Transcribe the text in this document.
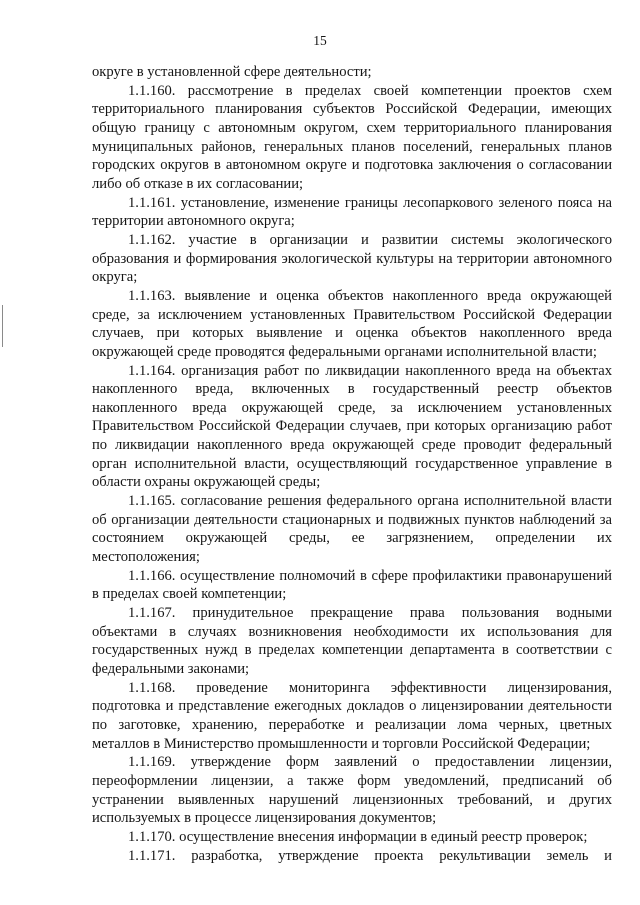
15

округе в установленной сфере деятельности;

1.1.160. рассмотрение в пределах своей компетенции проектов схем территориального планирования субъектов Российской Федерации, имеющих общую границу с автономным округом, схем территориального планирования муниципальных районов, генеральных планов поселений, генеральных планов городских округов в автономном округе и подготовка заключения о согласовании либо об отказе в их согласовании;

1.1.161. установление, изменение границы лесопаркового зеленого пояса на территории автономного округа;

1.1.162. участие в организации и развитии системы экологического образования и формирования экологической культуры на территории автономного округа;

1.1.163. выявление и оценка объектов накопленного вреда окружающей среде, за исключением установленных Правительством Российской Федерации случаев, при которых выявление и оценка объектов накопленного вреда окружающей среде проводятся федеральными органами исполнительной власти;

1.1.164. организация работ по ликвидации накопленного вреда на объектах накопленного вреда, включенных в государственный реестр объектов накопленного вреда окружающей среде, за исключением установленных Правительством Российской Федерации случаев, при которых организацию работ по ликвидации накопленного вреда окружающей среде проводит федеральный орган исполнительной власти, осуществляющий государственное управление в области охраны окружающей среды;

1.1.165. согласование решения федерального органа исполнительной власти об организации деятельности стационарных и подвижных пунктов наблюдений за состоянием окружающей среды, ее загрязнением, определении их местоположения;

1.1.166. осуществление полномочий в сфере профилактики правонарушений в пределах своей компетенции;

1.1.167. принудительное прекращение права пользования водными объектами в случаях возникновения необходимости их использования для государственных нужд в пределах компетенции департамента в соответствии с федеральными законами;

1.1.168. проведение мониторинга эффективности лицензирования, подготовка и представление ежегодных докладов о лицензировании деятельности по заготовке, хранению, переработке и реализации лома черных, цветных металлов в Министерство промышленности и торговли Российской Федерации;

1.1.169. утверждение форм заявлений о предоставлении лицензии, переоформлении лицензии, а также форм уведомлений, предписаний об устранении выявленных нарушений лицензионных требований, и других используемых в процессе лицензирования документов;

1.1.170. осуществление внесения информации в единый реестр проверок;

1.1.171. разработка, утверждение проекта рекультивации земель и
